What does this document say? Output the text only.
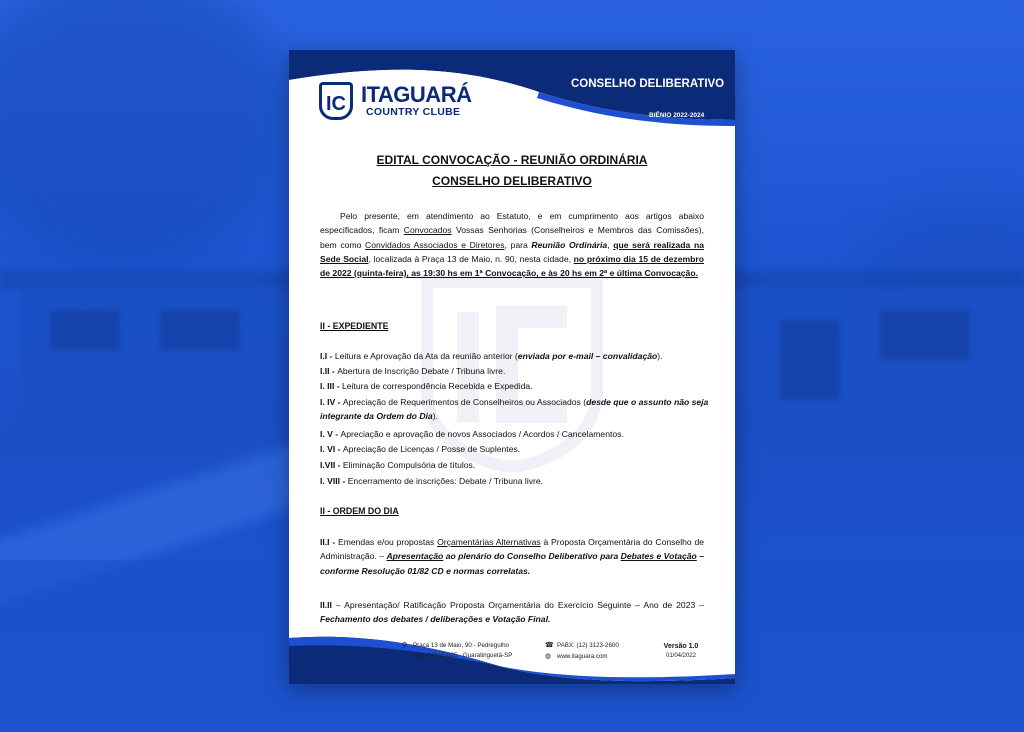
IC ITAGUARÁ
COUNTRY CLUBE
CONSELHO DELIBERATIVO
BIÊNIO 2022-2024
EDITAL CONVOCAÇÃO - REUNIÃO ORDINÁRIA
CONSELHO DELIBERATIVO
Pelo presente, em atendimento ao Estatuto, e em cumprimento aos artigos abaixo especificados, ficam Convocados Vossas Senhorias (Conselheiros e Membros das Comissões), bem como Convidados Associados e Diretores, para Reunião Ordinária, que será realizada na Sede Social, localizada à Praça 13 de Maio, n. 90, nesta cidade, no próximo dia 15 de dezembro de 2022 (quinta-feira), as 19:30 hs em 1ª Convocação, e às 20 hs em 2ª e última Convocação.
II - EXPEDIENTE
I.I - Leitura e Aprovação da Ata da reunião anterior (enviada por e-mail – convalidação).
I.II - Abertura de Inscrição Debate / Tribuna livre.
I. III - Leitura de correspondência Recebida e Expedida.
I. IV - Apreciação de Requerimentos de Conselheiros ou Associados (desde que o assunto não seja integrante da Ordem do Dia).
I. V - Apreciação e aprovação de novos Associados / Acordos / Cancelamentos.
I. VI - Apreciação de Licenças / Posse de Suplentes.
I.VII - Eliminação Compulsória de títulos.
I. VIII - Encerramento de inscrições: Debate / Tribuna livre.
II - ORDEM DO DIA
II.I - Emendas e/ou propostas Orçamentárias Alternativas à Proposta Orçamentária do Conselho de Administração. – Apresentação ao plenário do Conselho Deliberativo para Debates e Votação – conforme Resolução 01/82 CD e normas correlatas.
II.II – Apresentação/ Ratificação Proposta Orçamentária do Exercício Seguinte – Ano de 2023 – Fechamento dos debates / deliberações e Votação Final.
⚲ Praça 13 de Maio, 90 - Pedregulho
Cep: 12515-025 - Guaratinguetá-SP
☎ PABX: (12) 3123-2600
◍ www.itaguara.com
Versão 1.0
01/04/2022
